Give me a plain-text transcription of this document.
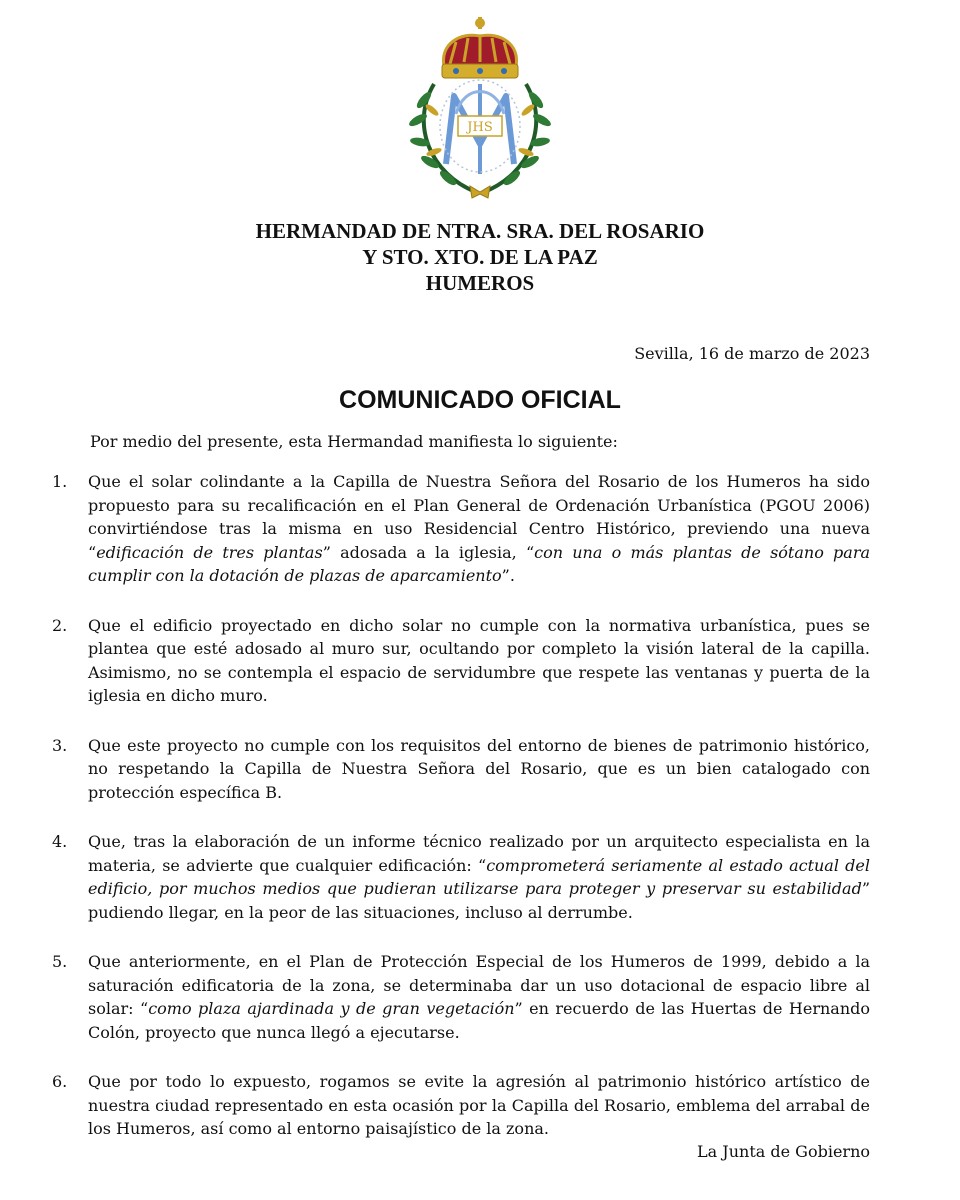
JHS
HERMANDAD DE NTRA. SRA. DEL ROSARIO
Y STO. XTO. DE LA PAZ
HUMEROS
Sevilla, 16 de marzo de 2023
COMUNICADO OFICIAL
Por medio del presente, esta Hermandad manifiesta lo siguiente:
1.	Que el solar colindante a la Capilla de Nuestra Señora del Rosario de los Humeros ha sido propuesto para su recalificación en el Plan General de Ordenación Urbanística (PGOU 2006) convirtiéndose tras la misma en uso Residencial Centro Histórico, previendo una nueva “edificación de tres plantas” adosada a la iglesia, “con una o más plantas de sótano para cumplir con la dotación de plazas de aparcamiento”.
2.	Que el edificio proyectado en dicho solar no cumple con la normativa urbanística, pues se plantea que esté adosado al muro sur, ocultando por completo la visión lateral de la capilla. Asimismo, no se contempla el espacio de servidumbre que respete las ventanas y puerta de la iglesia en dicho muro.
3.	Que este proyecto no cumple con los requisitos del entorno de bienes de patrimonio histórico, no respetando la Capilla de Nuestra Señora del Rosario, que es un bien catalogado con protección específica B.
4.	Que, tras la elaboración de un informe técnico realizado por un arquitecto especialista en la materia, se advierte que cualquier edificación: “comprometerá seriamente al estado actual del edificio, por muchos medios que pudieran utilizarse para proteger y preservar su estabilidad” pudiendo llegar, en la peor de las situaciones, incluso al derrumbe.
5.	Que anteriormente, en el Plan de Protección Especial de los Humeros de 1999, debido a la saturación edificatoria de la zona, se determinaba dar un uso dotacional de espacio libre al solar: “como plaza ajardinada y de gran vegetación” en recuerdo de las Huertas de Hernando Colón, proyecto que nunca llegó a ejecutarse.
6.	Que por todo lo expuesto, rogamos se evite la agresión al patrimonio histórico artístico de nuestra ciudad representado en esta ocasión por la Capilla del Rosario, emblema del arrabal de los Humeros, así como al entorno paisajístico de la zona.
La Junta de Gobierno
